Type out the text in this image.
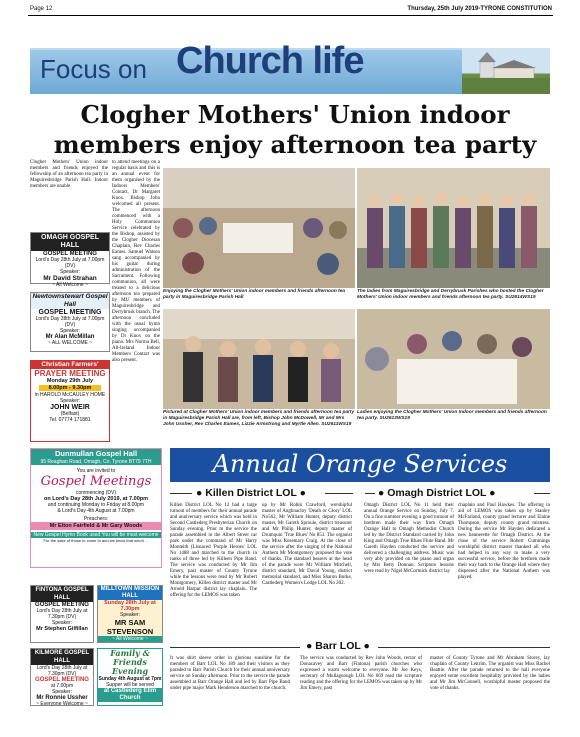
Page 12	Thursday, 25th July 2019-TYRONE CONSTITUTION
Focus on Church life
Clogher Mothers' Union indoor members enjoy afternoon tea party
Clogher Mothers' Union indoor members and friends enjoyed the fellowship of an afternoon tea party in Maguiresbridge Parish Hall. Indoor members are unable
to attend meetings on a regular basis and this is an annual event for them organised by the Indoors Members' Contact, Dr Margaret Knox. Bishop John welcomed all present. The afternoon commenced with a Holy Communion Service celebrated by the Bishop, assisted by the Clogher Diocesan Chaplain, Rev Charles Eames. Samuel Watson sang accompanied by his guitar during administration of the Sacrament. Following communion, all were treated to a delicious afternoon tea prepared by MU members of Maguiresbridge and Derrybrusk branch. The afternoon concluded with the usual hymn singing accompanied by Dr Knox on the piano. Mrs Norma Bell, All-Ireland Indoor Members Contact was also present.
OMAGH GOSPEL HALL
GOSPEL MEETING
Lord's Day 28th July at 7.00pm (DV)
Speaker:
Mr David Strahan
~ All Welcome ~
Newtownstewart Gospel Hall
GOSPEL MEETING
Lord's Day 28th July at 7.00pm (DV)
Speaker:
Mr Alan McMillan
~ ALL WELCOME ~
Christian Farmers'
PRAYER MEETING
Monday 29th July
8.00pm - 9.30pm
in HAROLD McCAULEY HOME
Speaker:
JOHN WEIR
(Belfast)
Tel. 07774 171881
Dunmullan Gospel Hall
95 Reaghan Road, Omagh, Co. Tyrone BT79 7TH
You are invited to
Gospel Meetings
commencing (DV)
on Lord's Day 28th July 2019, at 7.00pm
and continuing Monday to Friday at 8.00pm
& Lord's Day 4th August at 7.00pm
Preachers:
Mr Elton Fairfield & Mr Gary Woods
New Gospel Hymn Book used You will be most welcome
For the sake of those to come to and we know that who'll ...
FINTONA GOSPEL HALL
GOSPEL MEETING
Lord's Day 28th July at 7.30pm (DV)
Speaker:
Mr Stephen Gilfillan
MILLTOWN MISSION HALL
Sunday 28th July at 7.30pm
Speaker:
MR SAM STEVENSON
~ All Welcome ~
KILMORE GOSPEL HALL
Lord's Day 28th July at 7.30pm (DV)
GOSPEL MEETING
at 7.00pm
Speaker:
Mr Ronnie Ussher
~ Everyone Welcome ~
Family & Friends Evening
Sunday 4th August at 7pm
Supper will be served
at Castlederg Elim Church
Enjoying the Clogher Mothers' Union indoor members and friends afternoon tea party in Maguiresbridge Parish Hall
The ladies from Maguiresbridge and Derrybrusk Parishes who hosted the Clogher Mothers' Union indoor members and friends afternoon tea party. SU2614WS19
Pictured at Clogher Mothers' Union indoor members and friends afternoon tea party in Maguiresbridge Parish Hall are, from left, Bishop John McDowell, Mr and Mrs John Ussher, Rev Charles Eames, Lizzie Armstrong and Myrtle Allen. SU2611WS19
Ladies enjoying the Clogher Mothers' Union Indoor members and friends afternoon tea party. SU2613WS19
Annual Orange Services
● Killen District LOL ●	● Omagh District LOL ●
Killen District LOL No 12 had a large turnout of members for their annual parade and anniversary service which was held in Second Castlederg Presbyterian Church on Sunday evening. Prior to the service the parade assembled in the Albert Street car park under the command of Mr Harry Monteith (Lisnaced 'Purple Heroes' LOL No 1488 and marched to the church in ranks of three led by Killeen Pipe Band. The service was conducted by Mr Jim Emery, past master of County Tyrone while the lessons were read by Mr Robert Montgomery, Killen district master and Mr Arnold Harpur district lay chaplain. The offering for the LEMOS was taken
up by Mr Robin Crawford, worshipful master of Aughnacloy 'Death or Glory' LOL No562, Mr William Hunter, deputy district master, Mr Gareth Sproule, district treasurer and Mr Philip Hunter, deputy master of Drumquin 'True Blues' No 853. The organist was Miss Rosemary Craig. At the close of the service after the singing of the National Anthem Mr Montgomery proposed the vote of thanks. The standard bearers at the head of the parade were Mr William Mitchell, district standard, Mr David Young, district memorial standard, and Miss Sharon Burke, Castlederg Women's Lodge LOL No 202.
Omagh District LOL No 11 held their annual Orange Service on Sunday, July 7. On a fine summer evening a good turnout of brethren made their way from Omagh Orange Hall to Omagh Methodist Church led by the District Standard carried by John King and Omagh True Blues Flute Band. Mr Gareth Hayden conducted the service and delivered a challenging address. Music was very ably provided on the piano and organ by Mrs Betty Donnan. Scripture lessons were read by Nigel McCormick district lay
chaplain and Paul Hawkes. The offering in aid of LEMOS was taken up by Stanley McFarland, county grand lecturer and Elaine Thompson, deputy county grand mistress. During the service Mr Hayden dedicated a new bannerette for Omagh District. At the close of the service Robert Cummings worshipful district master thanked all who had helped in any way to make a very successful service, before the brethren made their way back to the Orange Hall where they dispersed after the National Anthem was played.
● Barr LOL ●
It was shirt sleeve order in glorious sunshine for the members of Barr LOL No 189 and their visitors as they paraded to Barr Parish Church for their annual anniversary service on Sunday afternoon. Prior to the service the parade assembled at Barr Orange Hall and led by Barr Pipe Band under pipe major Mark Henderson marched to the church.
The service was conducted by Rev John Woods, rector of Donacavey and Barr (Fintona) parish churches who expressed a warm welcome to everyone. Mr Joe Keys, secretary of Mullaguough LOL No 669 read the scripture reading and the offering for the LEMOS was taken up by Mr Jim Emery, past
master of County Tyrone and Mr Abraham Storey, lay chaplain of County Leitrim. The organist was Miss Rachel Beattie. After the parade returned to the hall everyone enjoyed some excellent hospitality provided by the ladies and Mr Jim McConnell, worshipful master proposed the vote of thanks.
